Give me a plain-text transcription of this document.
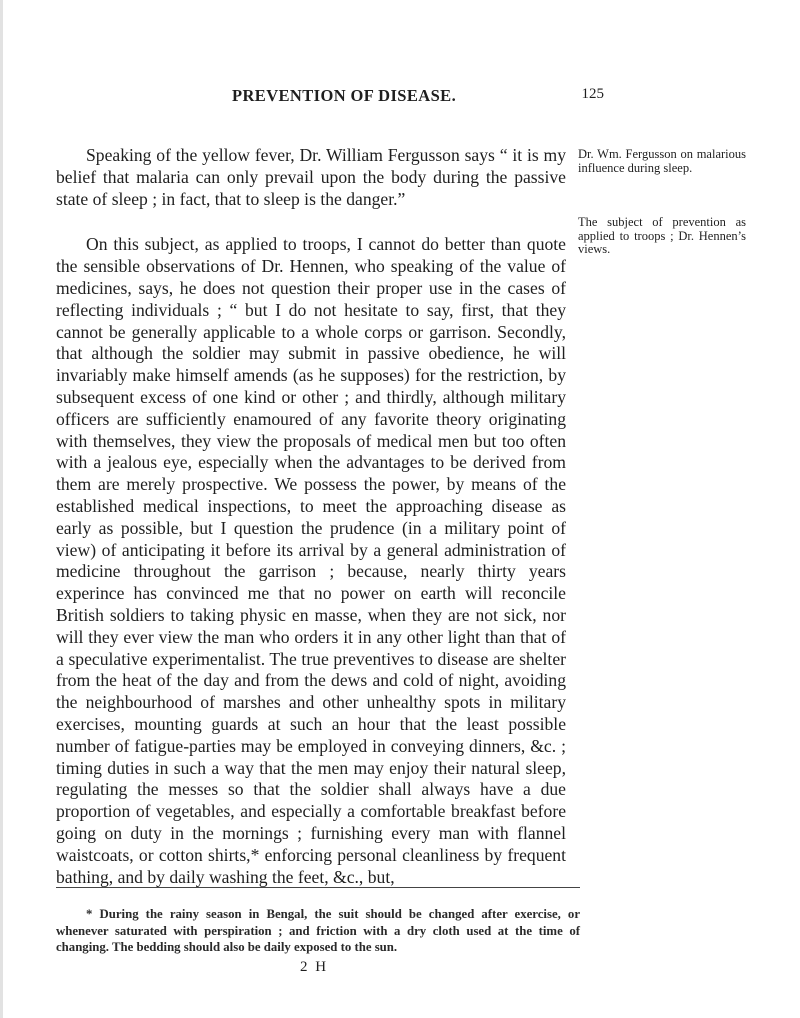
PREVENTION OF DISEASE.	125

Speaking of the yellow fever, Dr. William Fergusson says “ it is my belief that malaria can only prevail upon the body during the passive state of sleep ; in fact, that to sleep is the danger.”

On this subject, as applied to troops, I cannot do better than quote the sensible observations of Dr. Hennen, who speaking of the value of medicines, says, he does not question their proper use in the cases of reflecting individuals ; “ but I do not hesitate to say, first, that they cannot be generally applicable to a whole corps or garrison. Secondly, that although the soldier may submit in passive obedience, he will invariably make himself amends (as he supposes) for the restriction, by subsequent excess of one kind or other ; and thirdly, although military officers are sufficiently enamoured of any favorite theory originating with themselves, they view the proposals of medical men but too often with a jealous eye, especially when the advantages to be derived from them are merely prospective. We possess the power, by means of the established medical inspections, to meet the approaching disease as early as possible, but I question the prudence (in a military point of view) of anticipating it before its arrival by a general administration of medicine throughout the garrison ; because, nearly thirty years experince has convinced me that no power on earth will reconcile British soldiers to taking physic en masse, when they are not sick, nor will they ever view the man who orders it in any other light than that of a speculative experimentalist. The true preventives to disease are shelter from the heat of the day and from the dews and cold of night, avoiding the neighbourhood of marshes and other unhealthy spots in military exercises, mounting guards at such an hour that the least possible number of fatigue-parties may be employed in conveying dinners, &c. ; timing duties in such a way that the men may enjoy their natural sleep, regulating the messes so that the soldier shall always have a due proportion of vegetables, and especially a comfortable breakfast before going on duty in the mornings ; furnishing every man with flannel waistcoats, or cotton shirts,* enforcing personal cleanliness by frequent bathing, and by daily washing the feet, &c., but,

Dr. Wm. Fergusson on malarious influence during sleep.
The subject of prevention as applied to troops ; Dr. Hennen’s views.
* During the rainy season in Bengal, the suit should be changed after exercise, or whenever saturated with perspiration ; and friction with a dry cloth used at the time of changing. The bedding should also be daily exposed to the sun.
2 H
